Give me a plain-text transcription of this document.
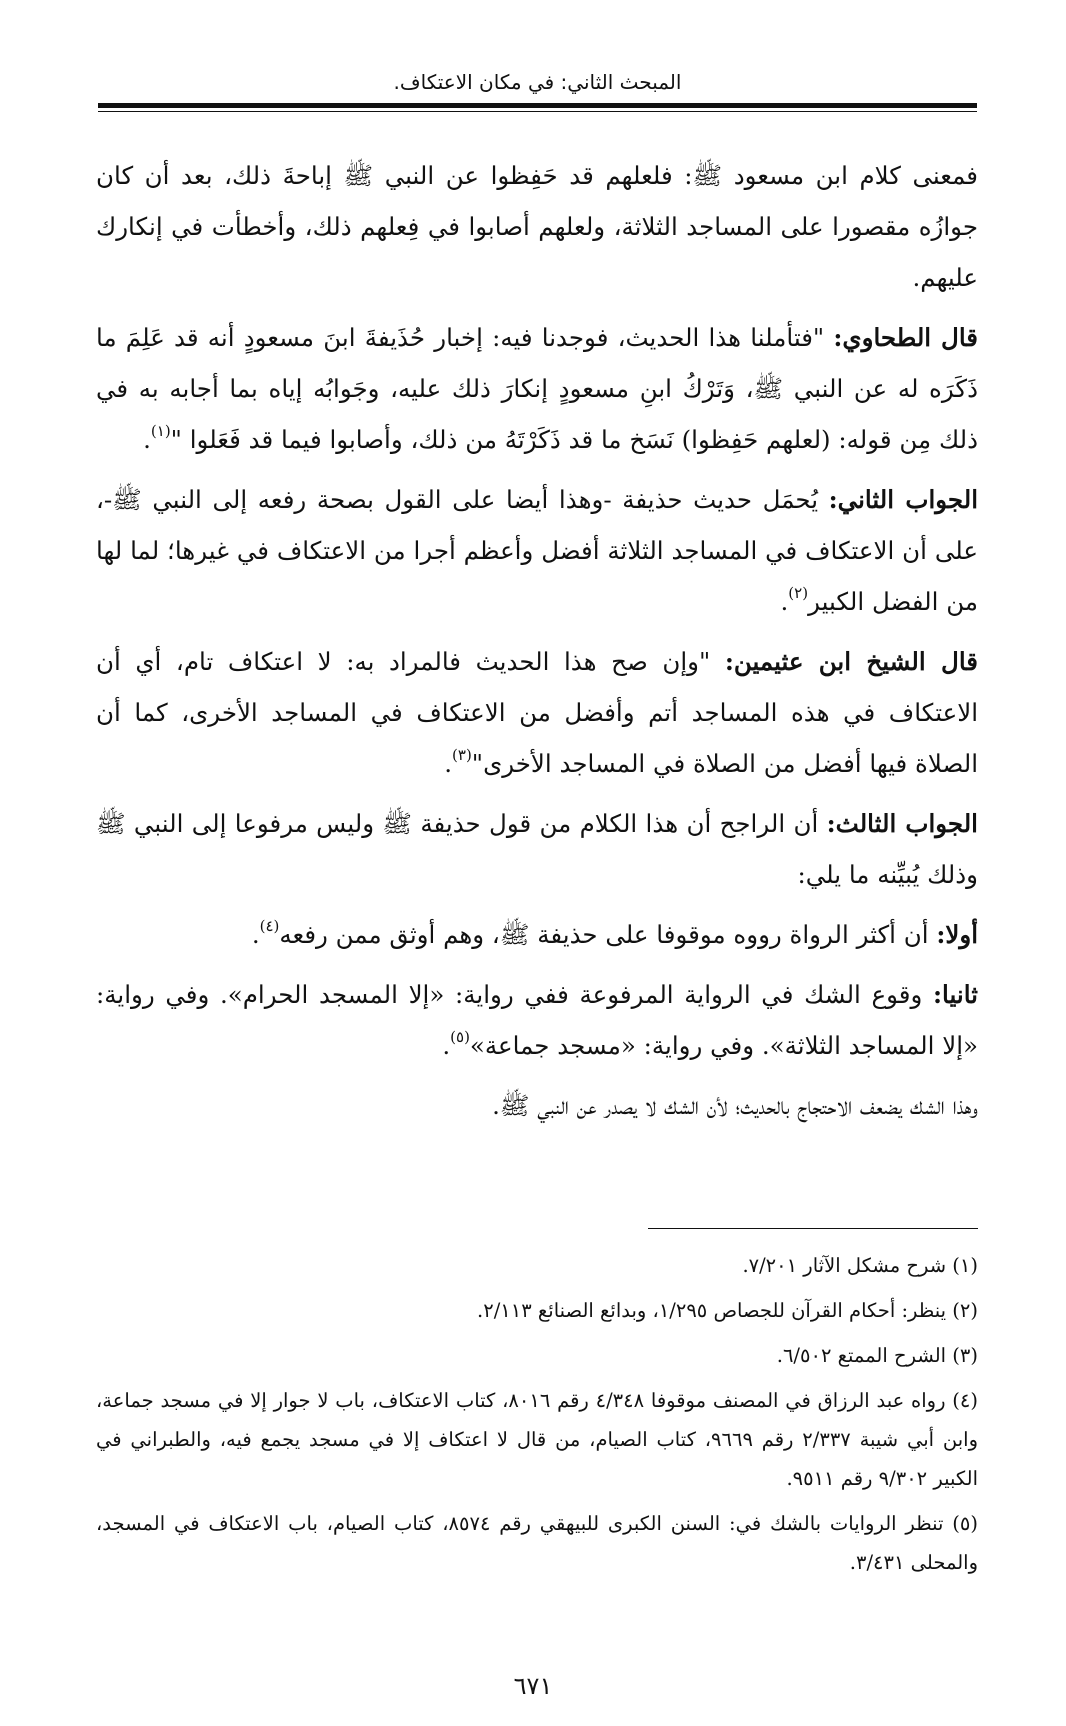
المبحث الثاني: في مكان الاعتكاف.

فمعنى كلام ابن مسعود ﷺ: فلعلهم قد حَفِظوا عن النبي ﷺ إباحةَ ذلك، بعد أن كان جوازُه مقصورا على المساجد الثلاثة، ولعلهم أصابوا في فِعلهم ذلك، وأخطأت في إنكارك عليهم.

قال الطحاوي: "فتأملنا هذا الحديث، فوجدنا فيه: إخبار حُذَيفةَ ابنَ مسعودٍ أنه قد عَلِمَ ما ذَكَرَه له عن النبي ﷺ، وَتَرْكُ ابنِ مسعودٍ إنكارَ ذلك عليه، وجَوابُه إياه بما أجابه به في ذلك مِن قوله: (لعلهم حَفِظوا) نَسَخ ما قد ذَكَرْتَهُ من ذلك، وأصابوا فيما قد فَعَلوا "$^{(١)}$.

الجواب الثاني: يُحمَل حديث حذيفة -وهذا أيضا على القول بصحة رفعه إلى النبي ﷺ-، على أن الاعتكاف في المساجد الثلاثة أفضل وأعظم أجرا من الاعتكاف في غيرها؛ لما لها من الفضل الكبير$^{(٢)}$.

قال الشيخ ابن عثيمين: "وإن صح هذا الحديث فالمراد به: لا اعتكاف تام، أي أن الاعتكاف في هذه المساجد أتم وأفضل من الاعتكاف في المساجد الأخرى، كما أن الصلاة فيها أفضل من الصلاة في المساجد الأخرى"$^{(٣)}$.

الجواب الثالث: أن الراجح أن هذا الكلام من قول حذيفة ﷺ وليس مرفوعا إلى النبي ﷺ وذلك يُبيِّنه ما يلي:

أولا: أن أكثر الرواة رووه موقوفا على حذيفة ﷺ، وهم أوثق ممن رفعه$^{(٤)}$.

ثانيا: وقوع الشك في الرواية المرفوعة ففي رواية: «إلا المسجد الحرام». وفي رواية: «إلا المساجد الثلاثة». وفي رواية: «مسجد جماعة»$^{(٥)}$.

وهذا الشك يضعف الاحتجاج بالحديث؛ لأن الشك لا يصدر عن النبي ﷺ.

(١) شرح مشكل الآثار ٧/٢٠١.

(٢) ينظر: أحكام القرآن للجصاص ١/٢٩٥، وبدائع الصنائع ٢/١١٣.

(٣) الشرح الممتع ٦/٥٠٢.

(٤) رواه عبد الرزاق في المصنف موقوفا ٤/٣٤٨ رقم ٨٠١٦، كتاب الاعتكاف، باب لا جوار إلا في مسجد جماعة، وابن أبي شيبة ٢/٣٣٧ رقم ٩٦٦٩، كتاب الصيام، من قال لا اعتكاف إلا في مسجد يجمع فيه، والطبراني في الكبير ٩/٣٠٢ رقم ٩٥١١.

(٥) تنظر الروايات بالشك في: السنن الكبرى للبيهقي رقم ٨٥٧٤، كتاب الصيام، باب الاعتكاف في المسجد، والمحلى ٣/٤٣١.

٦٧١
